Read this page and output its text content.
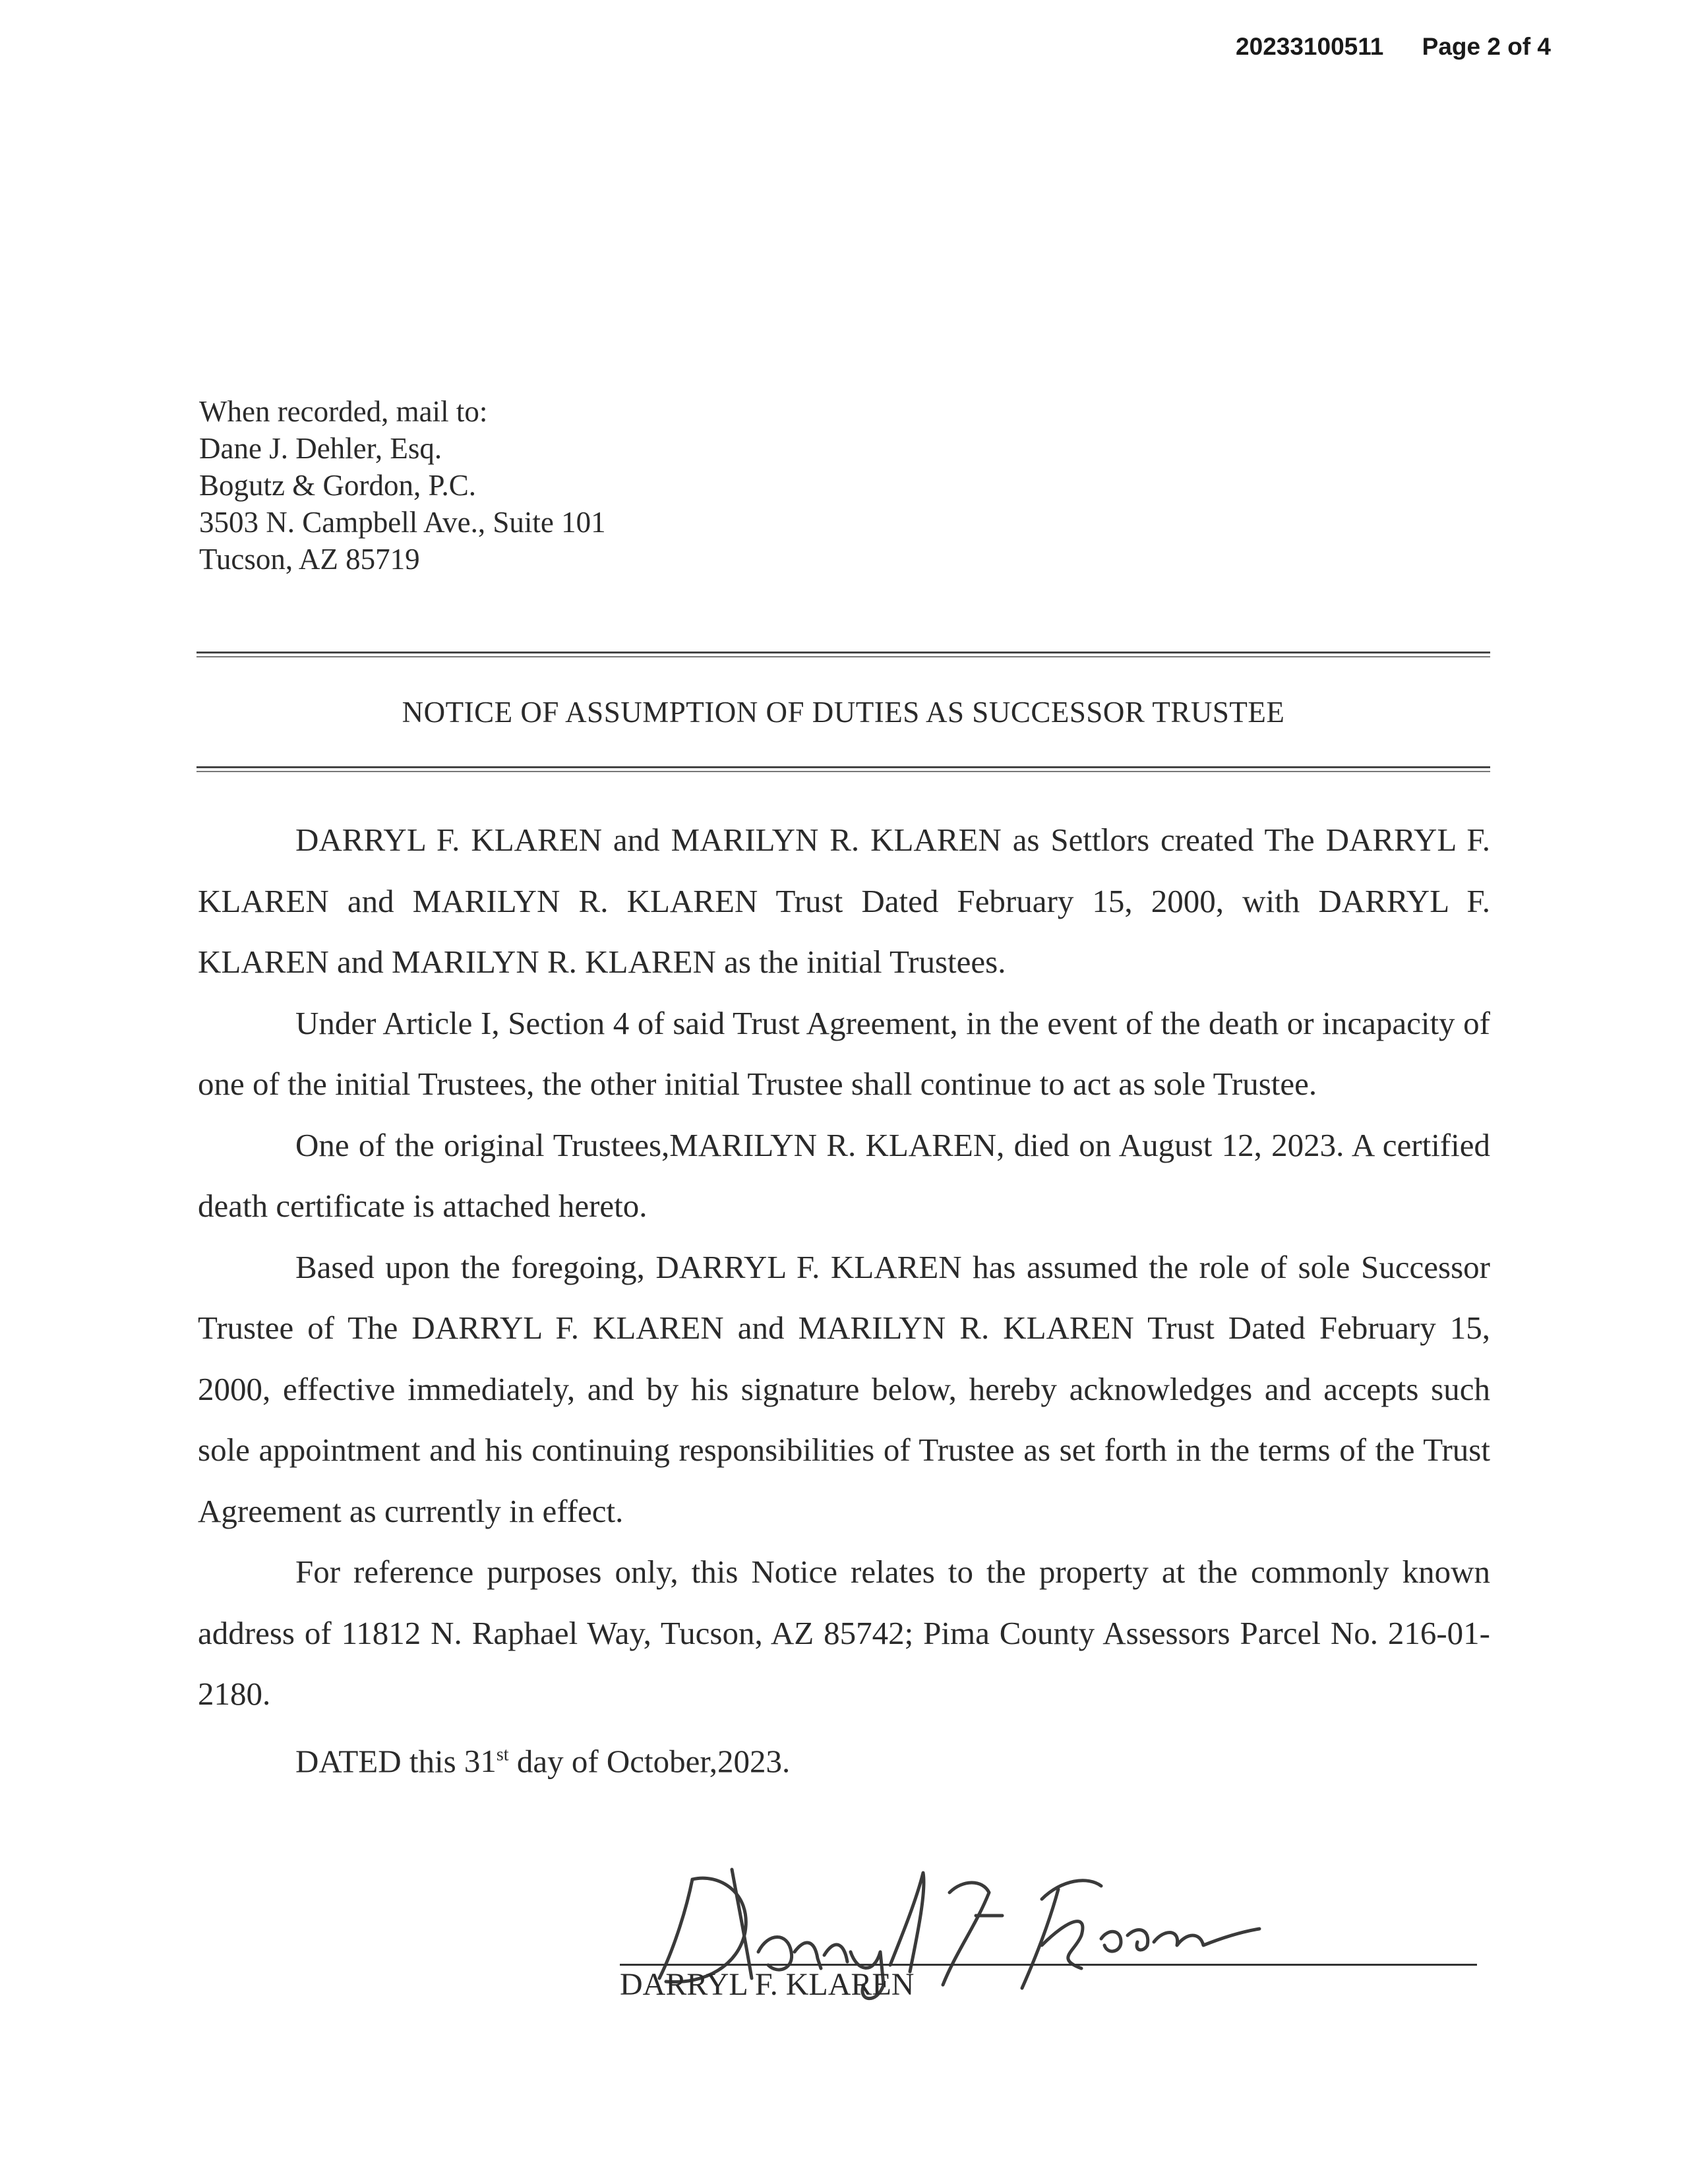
20233100511 Page 2 of 4
When recorded, mail to:
Dane J. Dehler, Esq.
Bogutz & Gordon, P.C.
3503 N. Campbell Ave., Suite 101
Tucson, AZ 85719
NOTICE OF ASSUMPTION OF DUTIES AS SUCCESSOR TRUSTEE

DARRYL F. KLAREN and MARILYN R. KLAREN as Settlors created The DARRYL F. KLAREN and MARILYN R. KLAREN Trust Dated February 15, 2000, with DARRYL F. KLAREN and MARILYN R. KLAREN as the initial Trustees.

Under Article I, Section 4 of said Trust Agreement, in the event of the death or incapacity of one of the initial Trustees, the other initial Trustee shall continue to act as sole Trustee.

One of the original Trustees,MARILYN R. KLAREN, died on August 12, 2023. A certified death certificate is attached hereto.

Based upon the foregoing, DARRYL F. KLAREN has assumed the role of sole Successor Trustee of The DARRYL F. KLAREN and MARILYN R. KLAREN Trust Dated February 15, 2000, effective immediately, and by his signature below, hereby acknowledges and accepts such sole appointment and his continuing responsibilities of Trustee as set forth in the terms of the Trust Agreement as currently in effect.

For reference purposes only, this Notice relates to the property at the commonly known address of 11812 N. Raphael Way, Tucson, AZ 85742; Pima County Assessors Parcel No. 216-01-2180.

DATED this 31st day of October,2023.

DARRYL F. KLAREN
